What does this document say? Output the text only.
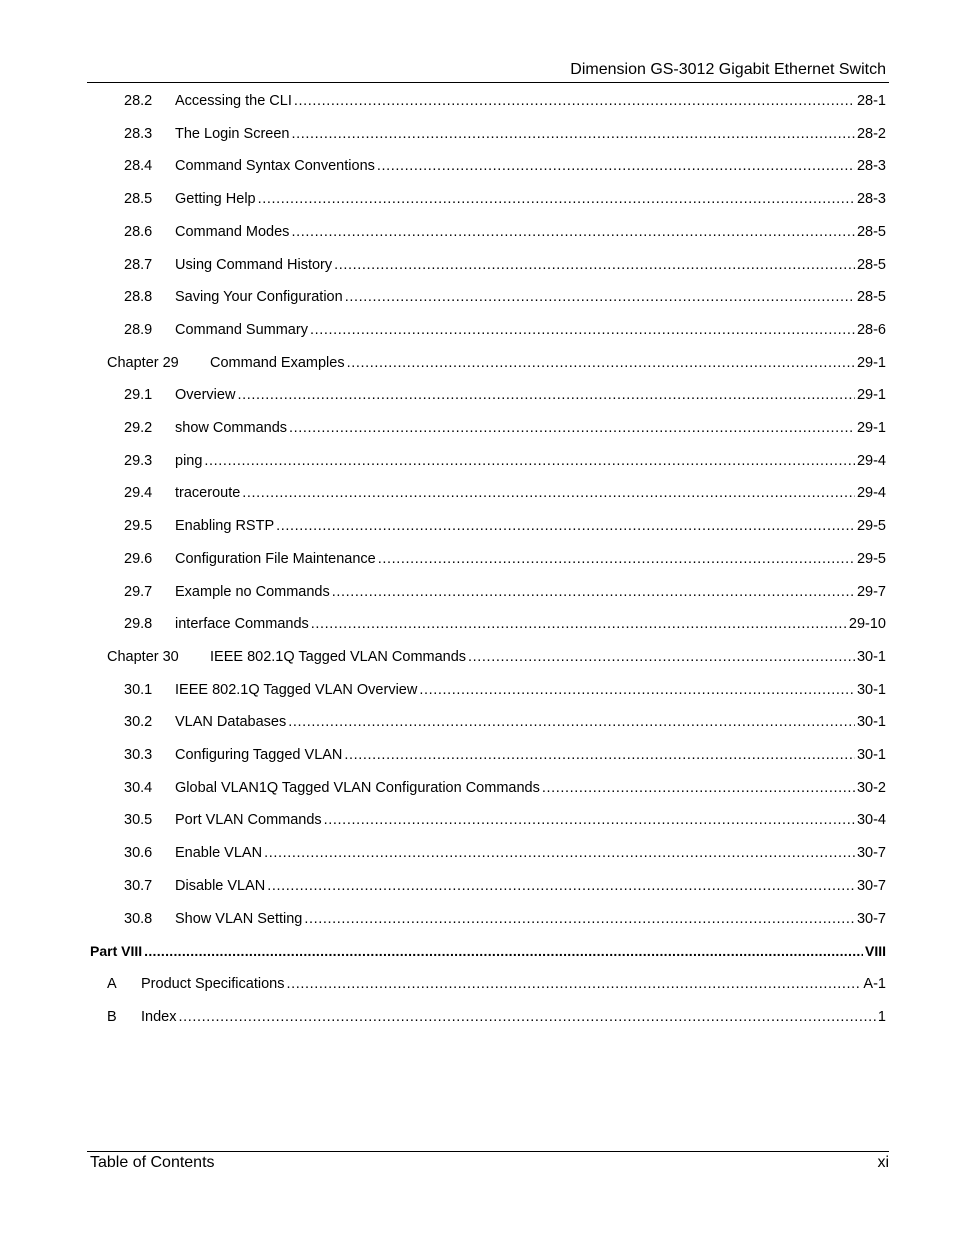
Dimension GS-3012 Gigabit Ethernet Switch
28.2 Accessing the CLI .....	28-1
28.3 The Login Screen .....	28-2
28.4 Command Syntax Conventions .....	28-3
28.5 Getting Help .....	28-3
28.6 Command Modes .....	28-5
28.7 Using Command History .....	28-5
28.8 Saving Your Configuration .....	28-5
28.9 Command Summary .....	28-6
Chapter 29 Command Examples .....	29-1
29.1 Overview .....	29-1
29.2 show Commands .....	29-1
29.3 ping .....	29-4
29.4 traceroute .....	29-4
29.5 Enabling RSTP .....	29-5
29.6 Configuration File Maintenance .....	29-5
29.7 Example no Commands .....	29-7
29.8 interface Commands .....	29-10
Chapter 30 IEEE 802.1Q Tagged VLAN Commands .....	30-1
30.1 IEEE 802.1Q Tagged VLAN Overview .....	30-1
30.2 VLAN Databases .....	30-1
30.3 Configuring Tagged VLAN .....	30-1
30.4 Global VLAN1Q Tagged VLAN Configuration Commands .....	30-2
30.5 Port VLAN Commands .....	30-4
30.6 Enable VLAN .....	30-7
30.7 Disable VLAN .....	30-7
30.8 Show VLAN Setting .....	30-7
Part VIII .....	VIII
A Product Specifications .....	A-1
B Index .....	1
Table of Contents	xi
